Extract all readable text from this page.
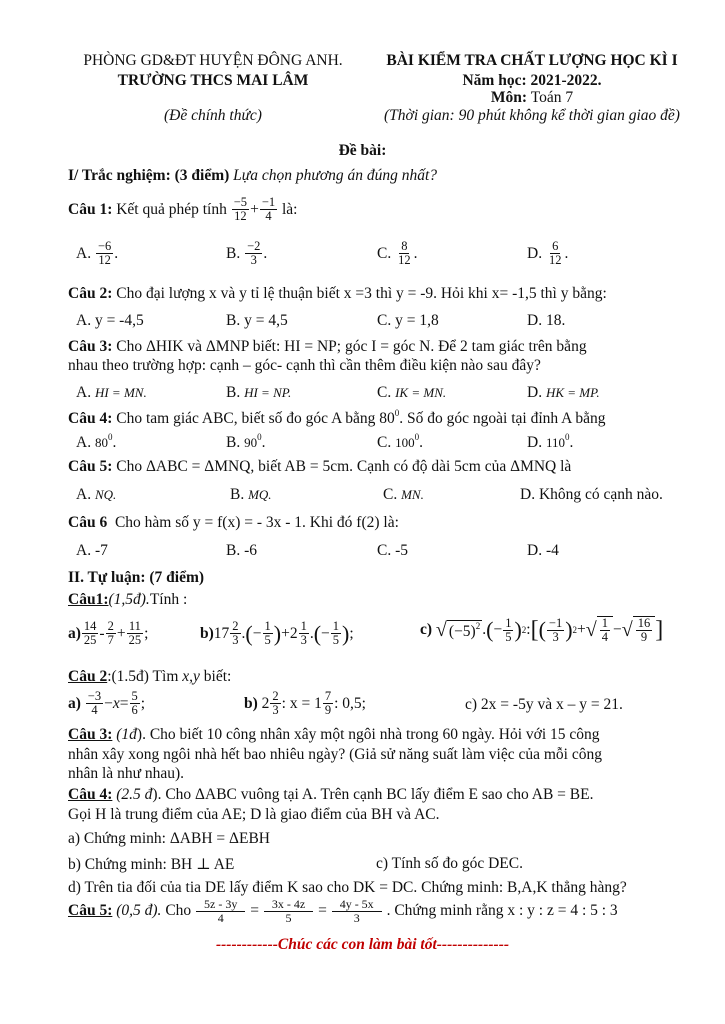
PHÒNG GD&ĐT HUYỆN ĐÔNG ANH.
TRƯỜNG THCS MAI LÂM
(Đề chính thức)
BÀI KIỂM TRA CHẤT LƯỢNG HỌC KÌ I
Năm học: 2021-2022.
Môn: Toán 7
(Thời gian: 90 phút không kể thời gian giao đề)
Đề bài:
I/ Trắc nghiệm: (3 điểm) Lựa chọn phương án đúng nhất?
Câu 1:
Kết quả phép tính
$\frac{-5}{12} + \frac{-1}{4}$
là:
A.
$\frac{-6}{12}$ .	B.
$\frac{-2}{3}$ .	C.
$\frac{8}{12}$ .	D.
$\frac{6}{12}$ .
Câu 2: Cho đại lượng x và y tỉ lệ thuận biết x =3 thì y = -9. Hỏi khi x= -1,5 thì y bằng:
A. y = -4,5	B. y = 4,5	C. y = 1,8	D. 18.
Câu 3: Cho ΔHIK và ΔMNP biết: HI = NP; góc I = góc N. Để 2 tam giác trên bằng
nhau theo trường hợp: cạnh – góc- cạnh thì cần thêm điều kiện nào sau đây?
A. HI = MN.	B. HI = NP.	C. IK = MN.	D. HK = MP.
Câu 4: Cho tam giác ABC, biết số đo góc A bằng $80^0$. Số đo góc ngoài tại đỉnh A bằng
A. $80^0$.	B. $90^0$.	C. $100^0$.	D. $110^0$.
Câu 5: Cho ΔABC = ΔMNQ, biết AB = 5cm. Cạnh có độ dài 5cm của ΔMNQ là
A. NQ.	B. MQ.	C. MN.	D. Không có cạnh nào.
Câu 6 Cho hàm số y = f(x) = - 3x - 1. Khi đó f(2) là:
A. -7	B. -6	C. -5	D. -4
II. Tự luận: (7 điểm)
Câu1:(1,5đ).Tính :
$a) \frac{14}{25} - \frac{2}{7} + \frac{11}{25}$ ;	b) $17 \frac{2}{3}$ . ( − $\frac{1}{5}$ ) $+2 \frac{1}{3}$ . ( − $\frac{1}{5}$ ) ;	c)
√ $(-5)^2$ . ( − $\frac{1}{5}$ ) 2 : [ ( $\frac{-1}{3}$ ) 2 + √ $\frac{1}{4}$ − √ $\frac{16}{9}$ ]
Câu 2:(1.5đ) Tìm x,y biết:
a)
$\frac{-3}{4} - x = \frac{5}{6}$ ;	b) $2 \frac{2}{3}$ : $x = 1 \frac{7}{9}$ : 0,5;	c) 2x = -5y và x – y = 21.
Câu 3: (1đ). Cho biết 10 công nhân xây một ngôi nhà trong 60 ngày. Hỏi với 15 công
nhân xây xong ngôi nhà hết bao nhiêu ngày? (Giả sử năng suất làm việc của mỗi công
nhân là như nhau).
Câu 4: (2.5 đ). Cho ΔABC vuông tại A. Trên cạnh BC lấy điểm E sao cho AB = BE.
Gọi H là trung điểm của AE; D là giao điểm của BH và AC.
a) Chứng minh: ΔABH = ΔEBH
b) Chứng minh: BH ⊥ AE	c) Tính số đo góc DEC.
d) Trên tia đối của tia DE lấy điểm K sao cho DK = DC. Chứng minh: B,A,K thẳng hàng?
Câu 5:
(0,5 đ).
Cho
$\frac{5z - 3y}{4} = \frac{3x - 4z}{5} = \frac{4y - 5x}{3}$
. Chứng minh rằng x : y : z = 4 : 5 : 3
------------Chúc các con làm bài tốt--------------
